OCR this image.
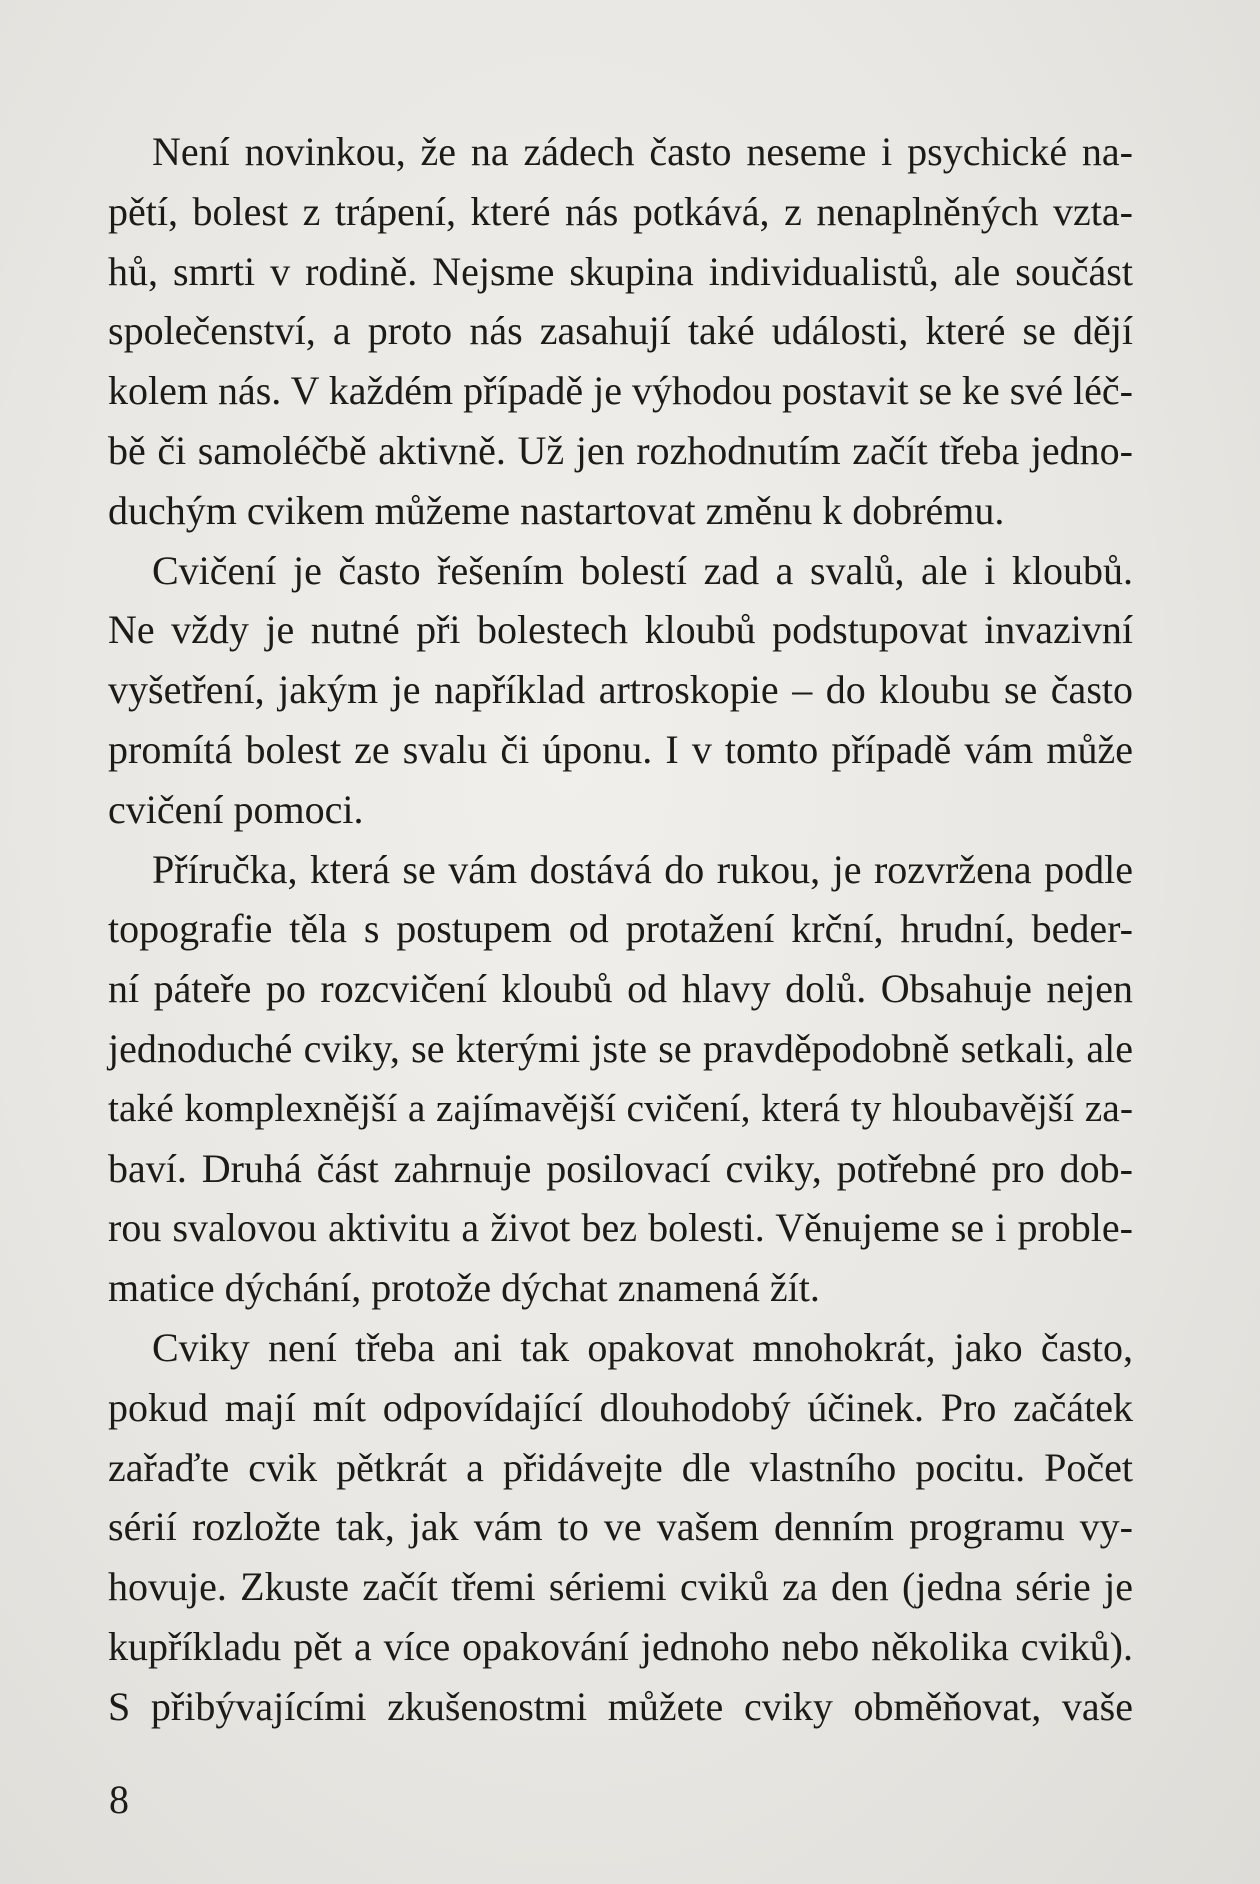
Není novinkou, že na zádech často neseme i psychické na-
pětí, bolest z trápení, které nás potkává, z nenaplněných vzta-
hů, smrti v rodině. Nejsme skupina individualistů, ale součást
společenství, a proto nás zasahují také události, které se dějí
kolem nás. V každém případě je výhodou postavit se ke své léč-
bě či samoléčbě aktivně. Už jen rozhodnutím začít třeba jedno-
duchým cvikem můžeme nastartovat změnu k dobrému.
Cvičení je často řešením bolestí zad a svalů, ale i kloubů.
Ne vždy je nutné při bolestech kloubů podstupovat invazivní
vyšetření, jakým je například artroskopie – do kloubu se často
promítá bolest ze svalu či úponu. I v tomto případě vám může
cvičení pomoci.
Příručka, která se vám dostává do rukou, je rozvržena podle
topografie těla s postupem od protažení krční, hrudní, beder-
ní páteře po rozcvičení kloubů od hlavy dolů. Obsahuje nejen
jednoduché cviky, se kterými jste se pravděpodobně setkali, ale
také komplexnější a zajímavější cvičení, která ty hloubavější za-
baví. Druhá část zahrnuje posilovací cviky, potřebné pro dob-
rou svalovou aktivitu a život bez bolesti. Věnujeme se i proble-
matice dýchání, protože dýchat znamená žít.
Cviky není třeba ani tak opakovat mnohokrát, jako často,
pokud mají mít odpovídající dlouhodobý účinek. Pro začátek
zařaďte cvik pětkrát a přidávejte dle vlastního pocitu. Počet
sérií rozložte tak, jak vám to ve vašem denním programu vy-
hovuje. Zkuste začít třemi sériemi cviků za den (jedna série je
kupříkladu pět a více opakování jednoho nebo několika cviků).
S přibývajícími zkušenostmi můžete cviky obměňovat, vaše
8
